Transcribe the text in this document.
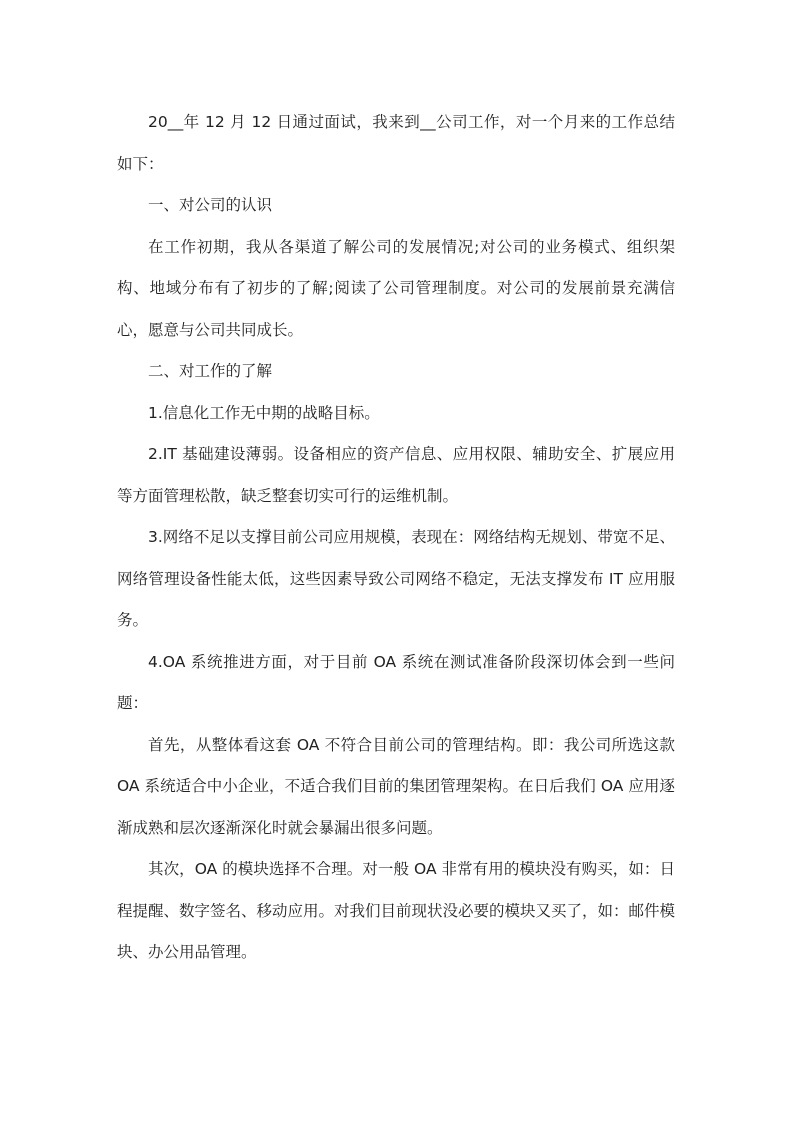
20__年 12 月 12 日通过面试，我来到__公司工作，对一个月来的工作总结如下：

一、对公司的认识

在工作初期，我从各渠道了解公司的发展情况;对公司的业务模式、组织架构、地域分布有了初步的了解;阅读了公司管理制度。对公司的发展前景充满信心，愿意与公司共同成长。

二、对工作的了解

1.信息化工作无中期的战略目标。

2.IT 基础建设薄弱。设备相应的资产信息、应用权限、辅助安全、扩展应用等方面管理松散，缺乏整套切实可行的运维机制。

3.网络不足以支撑目前公司应用规模，表现在：网络结构无规划、带宽不足、网络管理设备性能太低，这些因素导致公司网络不稳定，无法支撑发布 IT 应用服务。

4.OA 系统推进方面，对于目前 OA 系统在测试准备阶段深切体会到一些问题：

首先，从整体看这套 OA 不符合目前公司的管理结构。即：我公司所选这款 OA 系统适合中小企业，不适合我们目前的集团管理架构。在日后我们 OA 应用逐渐成熟和层次逐渐深化时就会暴漏出很多问题。

其次，OA 的模块选择不合理。对一般 OA 非常有用的模块没有购买，如：日程提醒、数字签名、移动应用。对我们目前现状没必要的模块又买了，如：邮件模块、办公用品管理。
